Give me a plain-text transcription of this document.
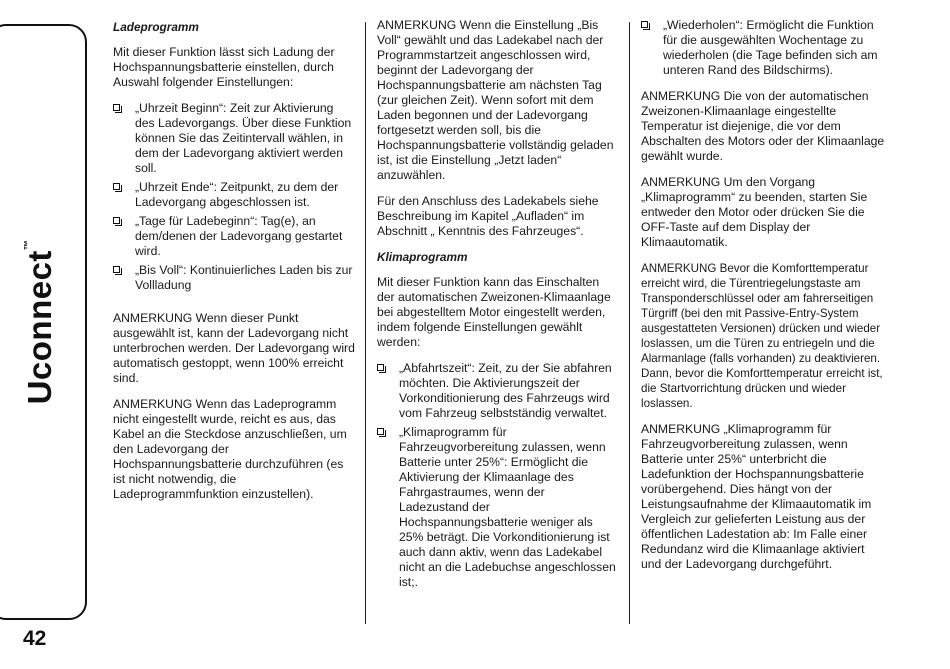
Uconnect™
42
Ladeprogramm

Mit dieser Funktion lässt sich Ladung der Hochspannungsbatterie einstellen, durch Auswahl folgender Einstellungen:

„Uhrzeit Beginn“: Zeit zur Aktivierung des Ladevorgangs. Über diese Funktion können Sie das Zeitintervall wählen, in dem der Ladevorgang aktiviert werden soll.
„Uhrzeit Ende“: Zeitpunkt, zu dem der Ladevorgang abgeschlossen ist.
„Tage für Ladebeginn“: Tag(e), an dem/denen der Ladevorgang gestartet wird.
„Bis Voll“: Kontinuierliches Laden bis zur Vollladung

ANMERKUNG Wenn dieser Punkt ausgewählt ist, kann der Ladevorgang nicht unterbrochen werden. Der Ladevorgang wird automatisch gestoppt, wenn 100% erreicht sind.

ANMERKUNG Wenn das Ladeprogramm nicht eingestellt wurde, reicht es aus, das Kabel an die Steckdose anzuschließen, um den Ladevorgang der Hochspannungsbatterie durchzuführen (es ist nicht notwendig, die Ladeprogrammfunktion einzustellen).

ANMERKUNG Wenn die Einstellung „Bis Voll“ gewählt und das Ladekabel nach der Programmstartzeit angeschlossen wird, beginnt der Ladevorgang der Hochspannungsbatterie am nächsten Tag (zur gleichen Zeit). Wenn sofort mit dem Laden begonnen und der Ladevorgang fortgesetzt werden soll, bis die Hochspannungsbatterie vollständig geladen ist, ist die Einstellung „Jetzt laden“ anzuwählen.

Für den Anschluss des Ladekabels siehe Beschreibung im Kapitel „Aufladen“ im Abschnitt „ Kenntnis des Fahrzeuges“.

Klimaprogramm

Mit dieser Funktion kann das Einschalten der automatischen Zweizonen-Klimaanlage bei abgestelltem Motor eingestellt werden, indem folgende Einstellungen gewählt werden:

„Abfahrtszeit“: Zeit, zu der Sie abfahren möchten. Die Aktivierungszeit der Vorkonditionierung des Fahrzeugs wird vom Fahrzeug selbstständig verwaltet.
„Klimaprogramm für Fahrzeugvorbereitung zulassen, wenn Batterie unter 25%“: Ermöglicht die Aktivierung der Klimaanlage des Fahrgastraumes, wenn der Ladezustand der Hochspannungsbatterie weniger als 25% beträgt. Die Vorkonditionierung ist auch dann aktiv, wenn das Ladekabel nicht an die Ladebuchse angeschlossen ist;.
„Wiederholen“: Ermöglicht die Funktion für die ausgewählten Wochentage zu wiederholen (die Tage befinden sich am unteren Rand des Bildschirms).

ANMERKUNG Die von der automatischen Zweizonen-Klimaanlage eingestellte Temperatur ist diejenige, die vor dem Abschalten des Motors oder der Klimaanlage gewählt wurde.

ANMERKUNG Um den Vorgang „Klimaprogramm“ zu beenden, starten Sie entweder den Motor oder drücken Sie die OFF-Taste auf dem Display der Klimaautomatik.

ANMERKUNG Bevor die Komforttemperatur erreicht wird, die Türentriegelungstaste am Transponderschlüssel oder am fahrerseitigen Türgriff (bei den mit Passive-Entry-System ausgestatteten Versionen) drücken und wieder loslassen, um die Türen zu entriegeln und die Alarmanlage (falls vorhanden) zu deaktivieren. Dann, bevor die Komforttemperatur erreicht ist, die Startvorrichtung drücken und wieder loslassen.

ANMERKUNG „Klimaprogramm für Fahrzeugvorbereitung zulassen, wenn Batterie unter 25%“ unterbricht die Ladefunktion der Hochspannungsbatterie vorübergehend. Dies hängt von der Leistungsaufnahme der Klimaautomatik im Vergleich zur gelieferten Leistung aus der öffentlichen Ladestation ab: Im Falle einer Redundanz wird die Klimaanlage aktiviert und der Ladevorgang durchgeführt.
